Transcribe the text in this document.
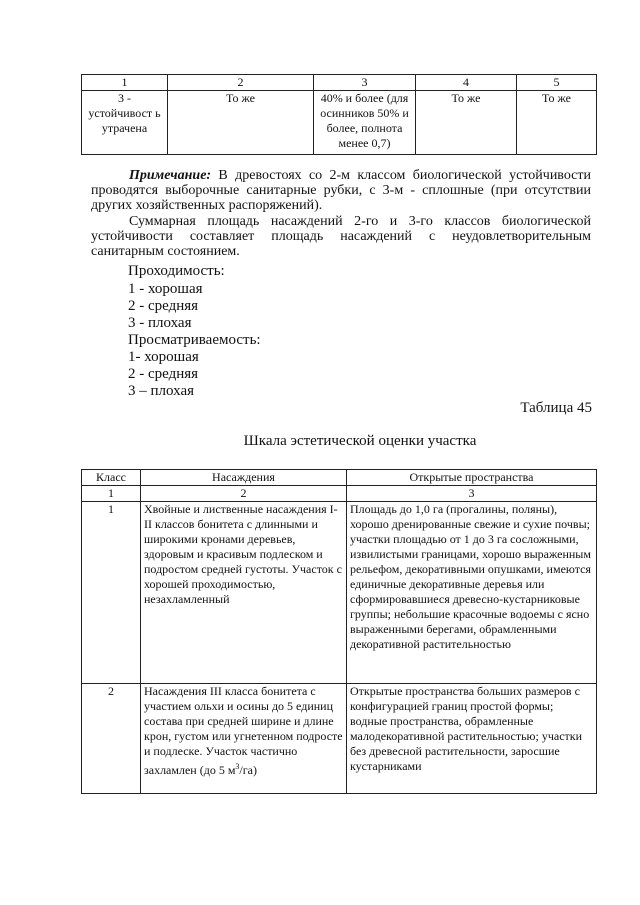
1	2	3	4	5
3 - устойчивост ь утрачена	То же	40% и более (для осинников 50% и более, полнота менее 0,7)	То же	То же
Примечание: В древостоях со 2-м классом биологической устойчивости проводятся выборочные санитарные рубки, с 3-м - сплошные (при отсутствии других хозяйственных распоряжений).
Суммарная площадь насаждений 2-го и 3-го классов биологической устойчивости составляет площадь насаждений с неудовлетворительным санитарным состоянием.
Проходимость:
1 - хорошая
2 - средняя
3 - плохая
Просматриваемость:
1- хорошая
2 - средняя
3 – плохая
Таблица 45
Шкала эстетической оценки участка
Класс	Насаждения	Открытые пространства
1	2	3
1	Хвойные и лиственные насаждения I-II классов бонитета с длинными и широкими кронами деревьев, здоровым и красивым подлеском и подростом средней густоты. Участок с хорошей проходимостью, незахламленный	Площадь до 1,0 га (прогалины, поляны), хорошо дренированные свежие и сухие почвы; участки площадью от 1 до 3 га сосложными, извилистыми границами, хорошо выраженным рельефом, декоративными опушками, имеются единичные декоративные деревья или сформировавшиеся древесно-кустарниковые группы; небольшие красочные водоемы с ясно выраженными берегами, обрамленными декоративной растительностью
2	Насаждения III класса бонитета с участием ольхи и осины до 5 единиц состава при средней ширине и длине крон, густом или угнетенном подросте и подлеске. Участок частично захламлен (до 5 $м^3/га$)	Открытые пространства больших размеров с конфигурацией границ простой формы; водные пространства, обрамленные малодекоративной растительностью; участки без древесной растительности, заросшие кустарниками
